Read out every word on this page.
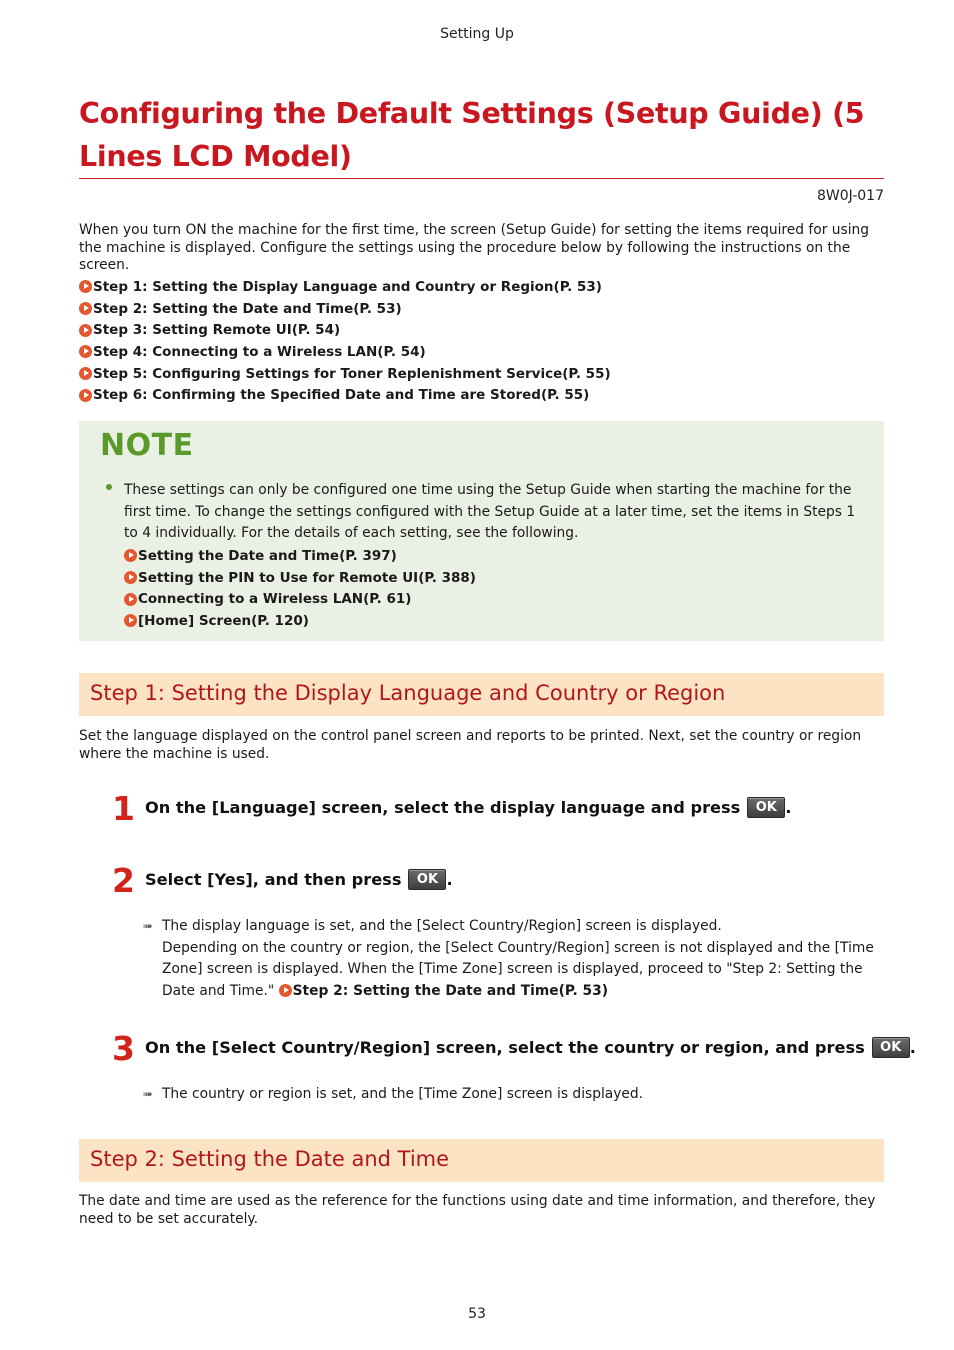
Setting Up
Configuring the Default Settings (Setup Guide) (5 Lines LCD Model)
8W0J-017
When you turn ON the machine for the first time, the screen (Setup Guide) for setting the items required for using the machine is displayed. Configure the settings using the procedure below by following the instructions on the screen.
Step 1: Setting the Display Language and Country or Region(P. 53)
Step 2: Setting the Date and Time(P. 53)
Step 3: Setting Remote UI(P. 54)
Step 4: Connecting to a Wireless LAN(P. 54)
Step 5: Configuring Settings for Toner Replenishment Service(P. 55)
Step 6: Confirming the Specified Date and Time are Stored(P. 55)
NOTE
These settings can only be configured one time using the Setup Guide when starting the machine for the first time. To change the settings configured with the Setup Guide at a later time, set the items in Steps 1 to 4 individually. For the details of each setting, see the following.
Setting the Date and Time(P. 397)
Setting the PIN to Use for Remote UI(P. 388)
Connecting to a Wireless LAN(P. 61)
[Home] Screen(P. 120)
Step 1: Setting the Display Language and Country or Region
Set the language displayed on the control panel screen and reports to be printed. Next, set the country or region where the machine is used.
1 On the [Language] screen, select the display language and press	OK .
2 Select [Yes], and then press	OK .
➠ The display language is set, and the [Select Country/Region] screen is displayed.
Depending on the country or region, the [Select Country/Region] screen is not displayed and the [Time Zone] screen is displayed. When the [Time Zone] screen is displayed, proceed to "Step 2: Setting the Date and Time." Step 2: Setting the Date and Time(P. 53)
3 On the [Select Country/Region] screen, select the country or region, and press	OK .
➠ The country or region is set, and the [Time Zone] screen is displayed.
Step 2: Setting the Date and Time
The date and time are used as the reference for the functions using date and time information, and therefore, they need to be set accurately.
53
